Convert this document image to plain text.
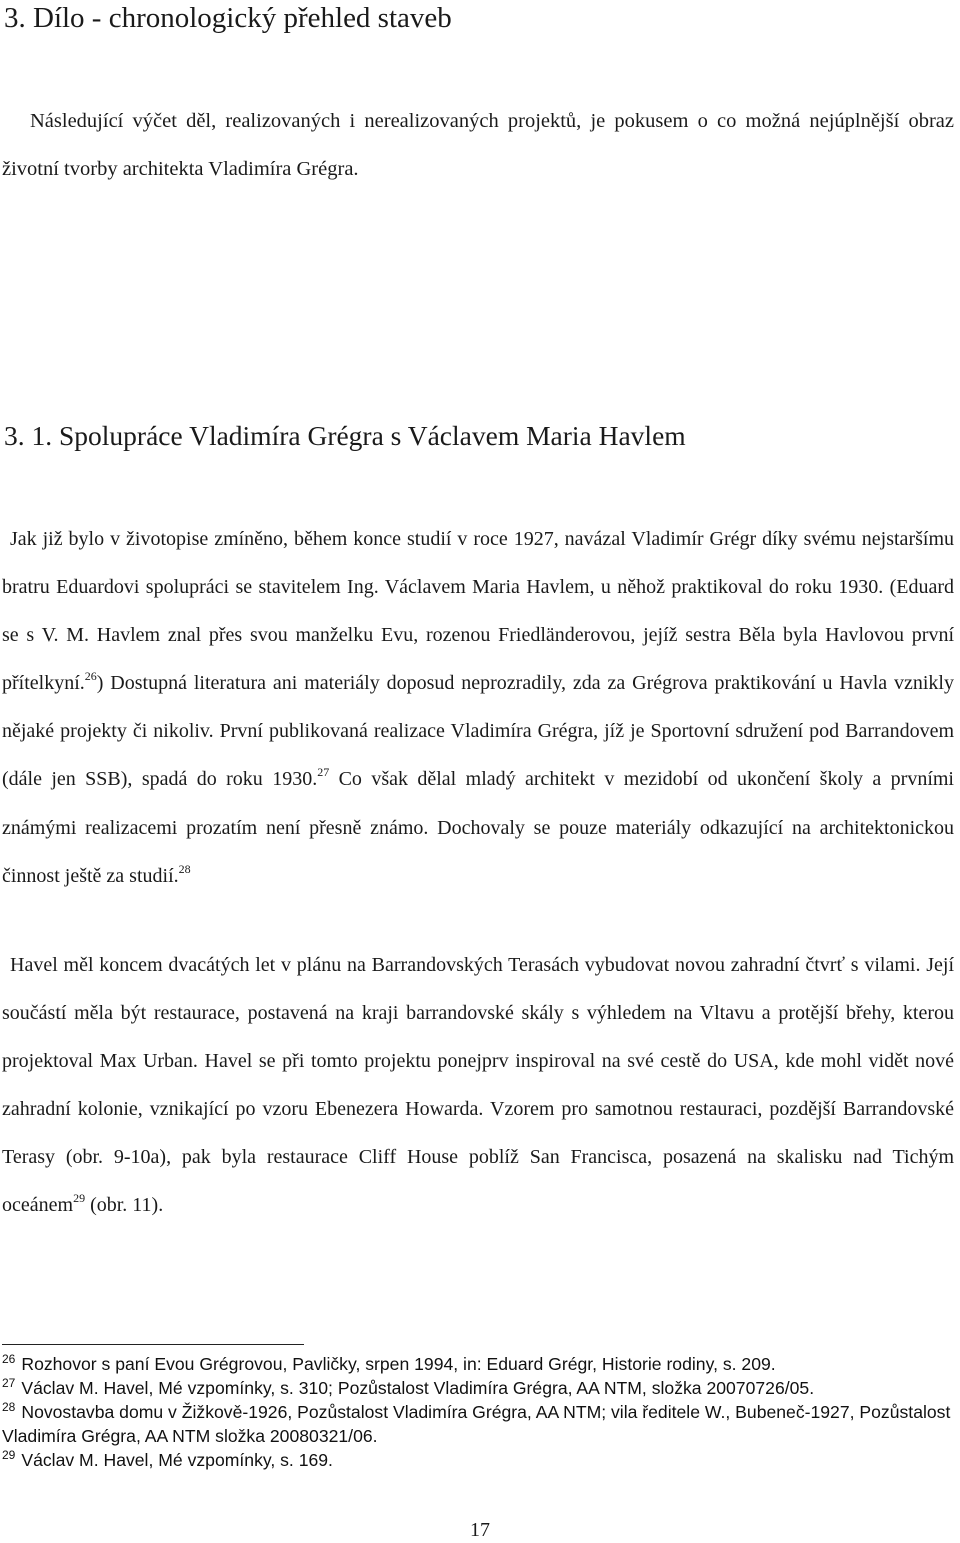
3. Dílo - chronologický přehled staveb

Následující výčet děl, realizovaných i nerealizovaných projektů, je pokusem o co možná nejúplnější obraz životní tvorby architekta Vladimíra Grégra.

3. 1. Spolupráce Vladimíra Grégra s Václavem Maria Havlem

Jak již bylo v životopise zmíněno, během konce studií v roce 1927, navázal Vladimír Grégr díky svému nejstaršímu bratru Eduardovi spolupráci se stavitelem Ing. Václavem Maria Havlem, u něhož praktikoval do roku 1930. (Eduard se s V. M. Havlem znal přes svou manželku Evu, rozenou Friedländerovou, jejíž sestra Běla byla Havlovou první přítelkyní.$^{26}$) Dostupná literatura ani materiály doposud neprozradily, zda za Grégrova praktikování u Havla vznikly nějaké projekty či nikoliv. První publikovaná realizace Vladimíra Grégra, jíž je Sportovní sdružení pod Barrandovem (dále jen SSB), spadá do roku 1930.27 Co však dělal mladý architekt v mezidobí od ukončení školy a prvními známými realizacemi prozatím není přesně známo. Dochovaly se pouze materiály odkazující na architektonickou činnost ještě za studií.$^{28}$

Havel měl koncem dvacátých let v plánu na Barrandovských Terasách vybudovat novou zahradní čtvrť s vilami. Její součástí měla být restaurace, postavená na kraji barrandovské skály s výhledem na Vltavu a protější břehy, kterou projektoval Max Urban. Havel se při tomto projektu ponejprv inspiroval na své cestě do USA, kde mohl vidět nové zahradní kolonie, vznikající po vzoru Ebenezera Howarda. Vzorem pro samotnou restauraci, pozdější Barrandovské Terasy (obr. 9-10a), pak byla restaurace Cliff House poblíž San Francisca, posazená na skalisku nad Tichým oceánem$^{29}$ (obr. 11).

$^{26}$ Rozhovor s paní Evou Grégrovou, Pavličky, srpen 1994, in: Eduard Grégr, Historie rodiny, s. 209.

$^{27}$ Václav M. Havel, Mé vzpomínky, s. 310; Pozůstalost Vladimíra Grégra, AA NTM, složka 20070726/05.

$^{28}$ Novostavba domu v Žižkově-1926, Pozůstalost Vladimíra Grégra, AA NTM; vila ředitele W., Bubeneč-1927, Pozůstalost Vladimíra Grégra, AA NTM složka 20080321/06.

$^{29}$ Václav M. Havel, Mé vzpomínky, s. 169.

17
